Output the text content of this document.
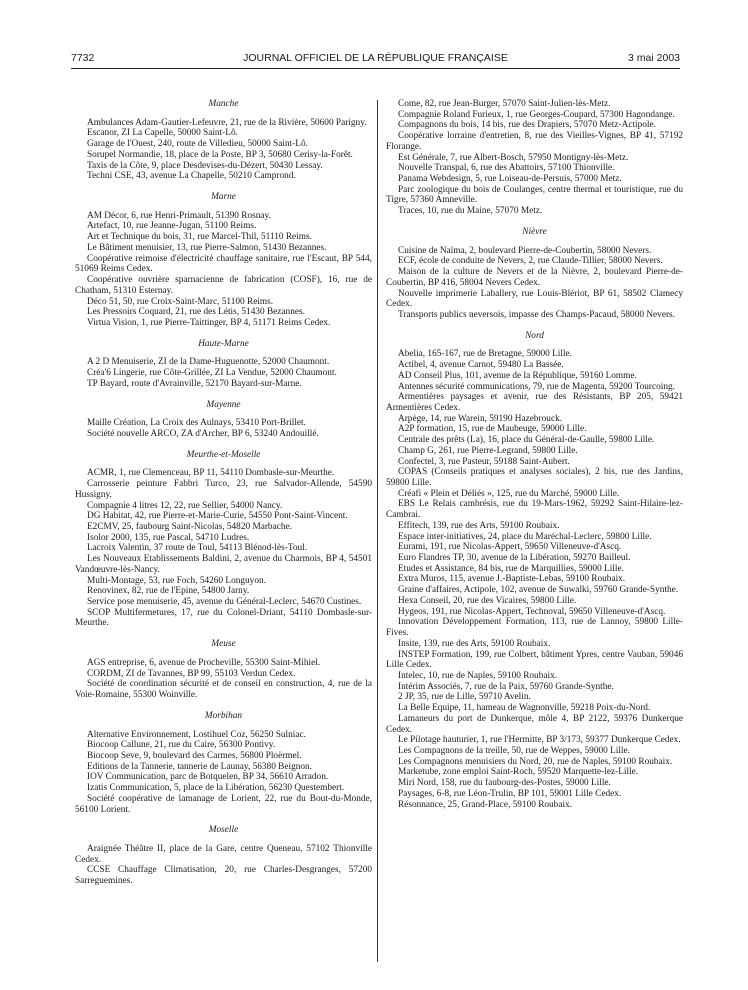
7732	JOURNAL OFFICIEL DE LA RÉPUBLIQUE FRANÇAISE	3 mai 2003
Manche

Ambulances Adam-Gautier-Lefeuvre, 21, rue de la Rivière, 50600 Parigny.

Escanor, ZI La Capelle, 50000 Saint-Lô.

Garage de l'Ouest, 240, route de Villedieu, 50000 Saint-Lô.

Sorupel Normandie, 18, place de la Poste, BP 3, 50680 Cerisy-la-Forêt.

Taxis de la Côte, 9, place Desdevises-du-Dézert, 50430 Lessay.

Techni CSE, 43, avenue La Chapelle, 50210 Camprond.

Marne

AM Décor, 6, rue Henri-Primault, 51390 Rosnay.

Artefact, 10, rue Jeanne-Jugan, 51100 Reims.

Art et Technique du bois, 31, rue Marcel-Thil, 51110 Reims.

Le Bâtiment menuisier, 13, rue Pierre-Salmon, 51430 Bezannes.

Coopérative reimoise d'électricité chauffage sanitaire, rue l'Escaut, BP 544, 51069 Reims Cedex.

Coopérative ouvrière sparnacienne de fabrication (COSF), 16, rue de Chatham, 51310 Esternay.

Déco 51, 50, rue Croix-Saint-Marc, 51100 Reims.

Les Pressoirs Coquard, 21, rue des Létis, 51430 Bezannes.

Virtua Vision, 1, rue Pierre-Taittinger, BP 4, 51171 Reims Cedex.

Haute-Marne

A 2 D Menuiserie, ZI de la Dame-Huguenotte, 52000 Chaumont.

Créa'6 Lingerie, rue Côte-Grillée, ZI La Vendue, 52000 Chaumont.

TP Bayard, route d'Avrainville, 52170 Bayard-sur-Marne.

Mayenne

Maille Création, La Croix des Aulnays, 53410 Port-Brillet.

Société nouvelle ARCO, ZA d'Archer, BP 6, 53240 Andouillé.

Meurthe-et-Moselle

ACMR, 1, rue Clemenceau, BP 11, 54110 Dombasle-sur-Meurthe.

Carrosserie peinture Fabbri Turco, 23, rue Salvador-Allende, 54590 Hussigny.

Compagnie 4 litres 12, 22, rue Sellier, 54000 Nancy.

DG Habitat, 42, rue Pierre-et-Marie-Curie, 54550 Pont-Saint-Vincent.

E2CMV, 25, faubourg Saint-Nicolas, 54820 Marbache.

Isolor 2000, 135, rue Pascal, 54710 Ludres.

Lacroix Valentin, 37 route de Toul, 54113 Blénod-lès-Toul.

Les Nouveaux Etablissements Baldini, 2, avenue du Charmois, BP 4, 54501 Vandœuvre-lès-Nancy.

Multi-Montage, 53, rue Foch, 54260 Longuyon.

Renovinex, 82, rue de l'Epine, 54800 Jarny.

Service pose menuiserie, 45, avenue du Général-Leclerc, 54670 Custines.

SCOP Multifermetures, 17, rue du Colonel-Driant, 54110 Dombasle-sur-Meurthe.

Meuse

AGS entreprise, 6, avenue de Procheville, 55300 Saint-Mihiel.

CORDM, ZI de Tavannes, BP 99, 55103 Verdun Cedex.

Société de coordination sécurité et de conseil en construction, 4, rue de la Voie-Romaine, 55300 Woinville.

Morbihan

Alternative Environnement, Lostihuel Coz, 56250 Sulniac.

Biocoop Callune, 21, rue du Caire, 56300 Pontivy.

Biocoop Seve, 9, boulevard des Carmes, 56800 Ploërmel.

Editions de la Tannerie, tannerie de Launay, 56380 Beignon.

IOV Communication, parc de Botquelen, BP 34, 56610 Arradon.

Izatis Communication, 5, place de la Libération, 56230 Questembert.

Société coopérative de lamanage de Lorient, 22, rue du Bout-du-Monde, 56100 Lorient.

Moselle

Araignée Théâtre II, place de la Gare, centre Queneau, 57102 Thionville Cedex.

CCSE Chauffage Climatisation, 20, rue Charles-Desgranges, 57200 Sarreguemines.

Come, 82, rue Jean-Burger, 57070 Saint-Julien-lès-Metz.

Compagnie Roland Furieux, 1, rue Georges-Coupard, 57300 Hagondange.

Compagnons du bois, 14 bis, rue des Drapiers, 57070 Metz-Actipole.

Coopérative lorraine d'entretien, 8, rue des Vieilles-Vignes, BP 41, 57192 Florange.

Est Générale, 7, rue Albert-Bosch, 57950 Montigny-lès-Metz.

Nouvelle Transpal, 6, rue des Abattoirs, 57100 Thionville.

Panama Webdesign, 5, rue Loiseau-de-Persuis, 57000 Metz.

Parc zoologique du bois de Coulanges, centre thermal et touristique, rue du Tigre, 57360 Amneville.

Traces, 10, rue du Maine, 57070 Metz.

Nièvre

Cuisine de Naïma, 2, boulevard Pierre-de-Coubertin, 58000 Nevers.

ECF, école de conduite de Nevers, 2, rue Claude-Tillier, 58000 Nevers.

Maison de la culture de Nevers et de la Nièvre, 2, boulevard Pierre-de-Coubertin, BP 416, 58004 Nevers Cedex.

Nouvelle imprimerie Laballery, rue Louis-Blériot, BP 61, 58502 Clamecy Cedex.

Transports publics neversois, impasse des Champs-Pacaud, 58000 Nevers.

Nord

Abelia, 165-167, rue de Bretagne, 59000 Lille.

Actibel, 4, avenue Carnot, 59480 La Bassée.

AD Conseil Plus, 101, avenue de la République, 59160 Lomme.

Antennes sécurité communications, 79, rue de Magenta, 59200 Tourcoing.

Armentières paysages et avenir, rue des Résistants, BP 205, 59421 Armentières Cedex.

Arpège, 14, rue Warein, 59190 Hazebrouck.

A2P formation, 15, rue de Maubeuge, 59000 Lille.

Centrale des prêts (La), 16, place du Général-de-Gaulle, 59800 Lille.

Champ G, 261, rue Pierre-Legrand, 59800 Lille.

Confectel, 3, rue Pasteur, 59188 Saint-Aubert.

COPAS (Conseils pratiques et analyses sociales), 2 bis, rue des Jardins, 59800 Lille.

Créafi « Plein et Déliés », 125, rue du Marché, 59000 Lille.

EBS Le Relais cambrésis, rue du 19-Mars-1962, 59292 Saint-Hilaire-lez-Cambrai.

Effitech, 139, rue des Arts, 59100 Roubaix.

Espace inter-initiatives, 24, place du Maréchal-Leclerc, 59800 Lille.

Eurami, 191, rue Nicolas-Appert, 59650 Villeneuve-d'Ascq.

Euro Flandres TP, 30, avenue de la Libération, 59270 Bailleul.

Etudes et Assistance, 84 bis, rue de Marquillies, 59000 Lille.

Extra Muros, 115, avenue J.-Baptiste-Lebas, 59100 Roubaix.

Graine d'affaires, Actipole, 102, avenue de Suwalki, 59760 Grande-Synthe.

Hexa Conseil, 20, rue des Vicaires, 59800 Lille.

Hygeos, 191, rue Nicolas-Appert, Technoval, 59650 Villeneuve-d'Ascq.

Innovation Développement Formation, 113, rue de Lannoy, 59800 Lille-Fives.

Insite, 139, rue des Arts, 59100 Roubaix.

INSTEP Formation, 199, rue Colbert, bâtiment Ypres, centre Vauban, 59046 Lille Cedex.

Intelec, 10, rue de Naples, 59100 Roubaix.

Intérim Associés, 7, rue de la Paix, 59760 Grande-Synthe.

2 JP, 35, rue de Lille, 59710 Avelin.

La Belle Equipe, 11, hameau de Wagnonville, 59218 Poix-du-Nord.

Lamaneurs du port de Dunkerque, môle 4, BP 2122, 59376 Dunkerque Cedex.

Le Pilotage hauturier, 1, rue l'Hermitte, BP 3/173, 59377 Dunkerque Cedex.

Les Compagnons de la treille, 50, rue de Weppes, 59000 Lille.

Les Compagnons menuisiers du Nord, 20, rue de Naples, 59100 Roubaix.

Marketube, zone emploi Saint-Roch, 59520 Marquette-lez-Lille.

Miri Nord, 158, rue du faubourg-des-Postes, 59000 Lille.

Paysages, 6-8, rue Léon-Trulin, BP 101, 59001 Lille Cedex.

Résonnance, 25, Grand-Place, 59100 Roubaix.
